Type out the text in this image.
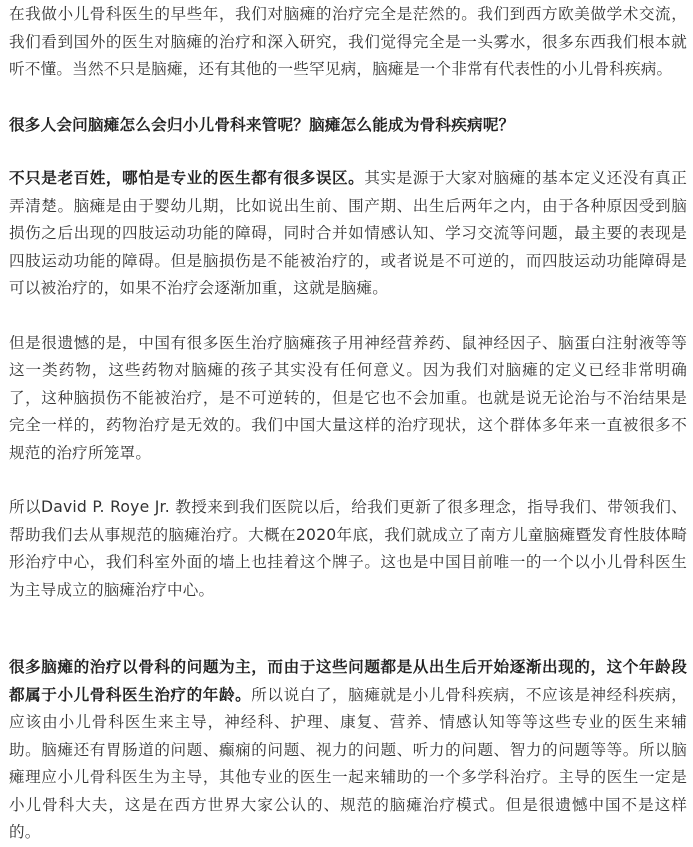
在我做小儿骨科医生的早些年，我们对脑瘫的治疗完全是茫然的。我们到西方欧美做学术交流，我们看到国外的医生对脑瘫的治疗和深入研究，我们觉得完全是一头雾水，很多东西我们根本就听不懂。当然不只是脑瘫，还有其他的一些罕见病，脑瘫是一个非常有代表性的小儿骨科疾病。

很多人会问脑瘫怎么会归小儿骨科来管呢？脑瘫怎么能成为骨科疾病呢？

不只是老百姓，哪怕是专业的医生都有很多误区。其实是源于大家对脑瘫的基本定义还没有真正弄清楚。脑瘫是由于婴幼儿期，比如说出生前、围产期、出生后两年之内，由于各种原因受到脑损伤之后出现的四肢运动功能的障碍，同时合并如情感认知、学习交流等问题，最主要的表现是四肢运动功能的障碍。但是脑损伤是不能被治疗的，或者说是不可逆的，而四肢运动功能障碍是可以被治疗的，如果不治疗会逐渐加重，这就是脑瘫。

但是很遗憾的是，中国有很多医生治疗脑瘫孩子用神经营养药、鼠神经因子、脑蛋白注射液等等这一类药物，这些药物对脑瘫的孩子其实没有任何意义。因为我们对脑瘫的定义已经非常明确了，这种脑损伤不能被治疗，是不可逆转的，但是它也不会加重。也就是说无论治与不治结果是完全一样的，药物治疗是无效的。我们中国大量这样的治疗现状，这个群体多年来一直被很多不规范的治疗所笼罩。

所以David P. Roye Jr. 教授来到我们医院以后，给我们更新了很多理念，指导我们、带领我们、帮助我们去从事规范的脑瘫治疗。大概在2020年底，我们就成立了南方儿童脑瘫暨发育性肢体畸形治疗中心，我们科室外面的墙上也挂着这个牌子。这也是中国目前唯一的一个以小儿骨科医生为主导成立的脑瘫治疗中心。

很多脑瘫的治疗以骨科的问题为主，而由于这些问题都是从出生后开始逐渐出现的，这个年龄段都属于小儿骨科医生治疗的年龄。所以说白了，脑瘫就是小儿骨科疾病，不应该是神经科疾病，应该由小儿骨科医生来主导，神经科、护理、康复、营养、情感认知等等这些专业的医生来辅助。脑瘫还有胃肠道的问题、癫痫的问题、视力的问题、听力的问题、智力的问题等等。所以脑瘫理应小儿骨科医生为主导，其他专业的医生一起来辅助的一个多学科治疗。主导的医生一定是小儿骨科大夫，这是在西方世界大家公认的、规范的脑瘫治疗模式。但是很遗憾中国不是这样的。
